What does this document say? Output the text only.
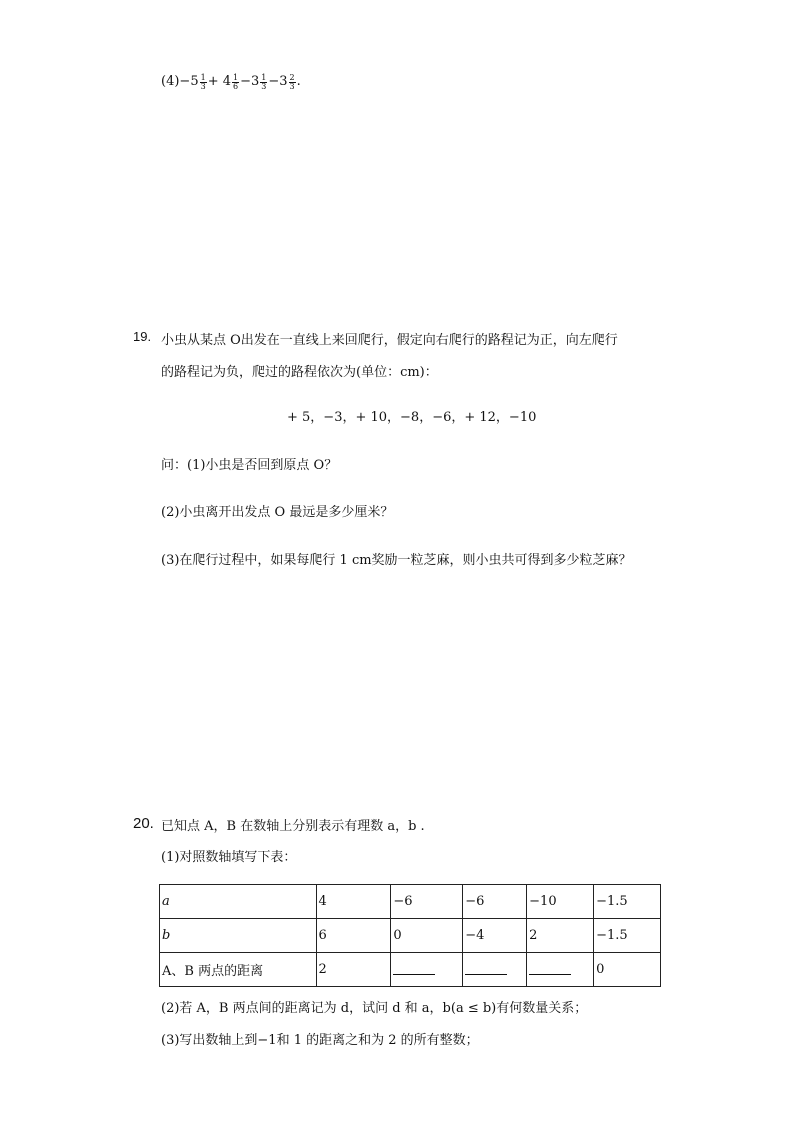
$(4)-5 \frac{1}{3} + 4 \frac{1}{6} -3 \frac{1}{3} -3 \frac{2}{3}$ .
19. 小虫从某点 O出发在一直线上来回爬行，假定向右爬行的路程记为正，向左爬行
的路程记为负，爬过的路程依次为(单位：cm)：
+ 5，−3，+ 10，−8，−6，+ 12，−10
问：(1)小虫是否回到原点 O？
(2)小虫离开出发点 O 最远是多少厘米？
(3)在爬行过程中，如果每爬行 1 cm奖励一粒芝麻，则小虫共可得到多少粒芝麻？
20. 已知点 A，B 在数轴上分别表示有理数 a，b .
(1)对照数轴填写下表：
a	4	−6	−6	−10	−1.5
b	6	0	−4	2	−1.5
A、B 两点的距离	2				0
(2)若 A，B 两点间的距离记为 d，试问 d 和 a，b(a ≤ b)有何数量关系；
(3)写出数轴上到−1和 1 的距离之和为 2 的所有整数；
